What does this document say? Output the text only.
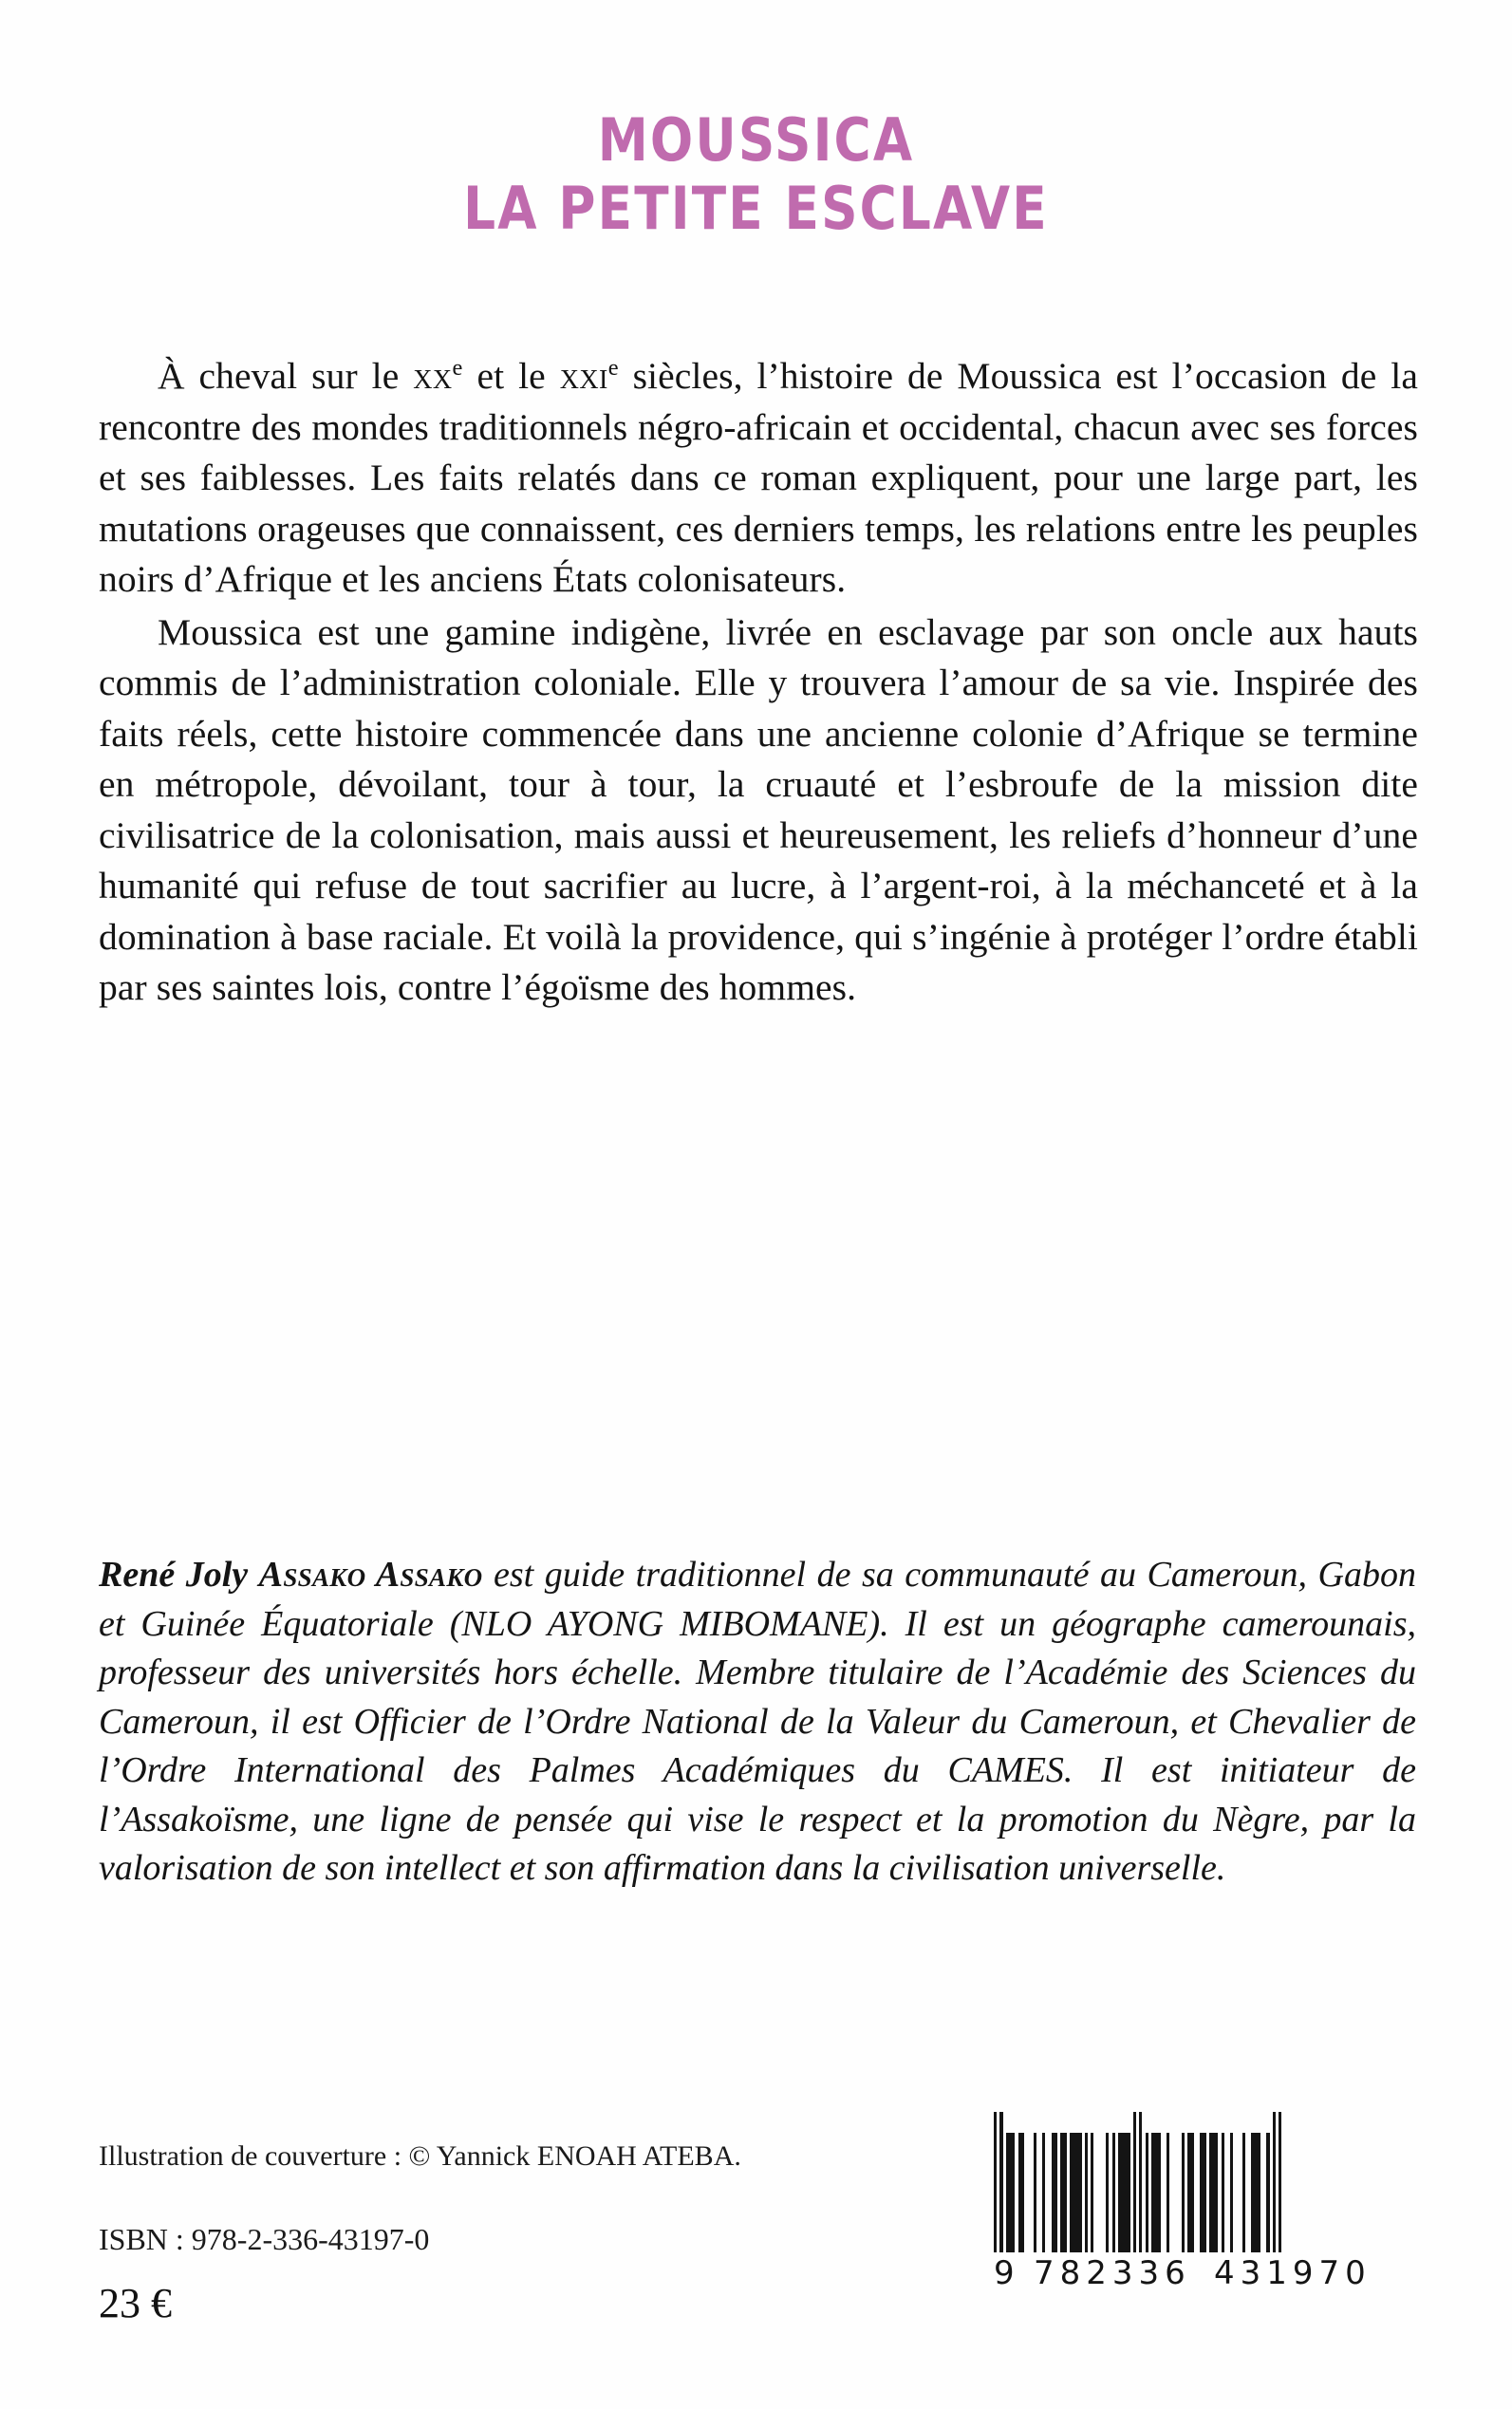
MOUSSICA
LA PETITE ESCLAVE

À cheval sur le $xx^e$ et le xxi$^e$ siècles, l’histoire de Moussica est l’occasion de la rencontre des mondes traditionnels négro-africain et occidental, chacun avec ses forces et ses faiblesses. Les faits relatés dans ce roman expliquent, pour une large part, les mutations orageuses que connaissent, ces derniers temps, les relations entre les peuples noirs d’Afrique et les anciens États colonisateurs.

Moussica est une gamine indigène, livrée en esclavage par son oncle aux hauts commis de l’administration coloniale. Elle y trouvera l’amour de sa vie. Inspirée des faits réels, cette histoire commencée dans une ancienne colonie d’Afrique se termine en métropole, dévoilant, tour à tour, la cruauté et l’esbroufe de la mission dite civilisatrice de la colonisation, mais aussi et heureusement, les reliefs d’honneur d’une humanité qui refuse de tout sacrifier au lucre, à l’argent-roi, à la méchanceté et à la domination à base raciale. Et voilà la providence, qui s’ingénie à protéger l’ordre établi par ses saintes lois, contre l’égoïsme des hommes.

René Joly Assako Assako est guide traditionnel de sa communauté au Cameroun, Gabon et Guinée Équatoriale (NLO AYONG MIBOMANE). Il est un géographe camerounais, professeur des universités hors échelle. Membre titulaire de l’Académie des Sciences du Cameroun, il est Officier de l’Ordre National de la Valeur du Cameroun, et Chevalier de l’Ordre International des Palmes Académiques du CAMES. Il est initiateur de l’Assakoïsme, une ligne de pensée qui vise le respect et la promotion du Nègre, par la valorisation de son intellect et son affirmation dans la civilisation universelle.

Illustration de couverture : © Yannick ENOAH ATEBA.
ISBN : 978-2-336-43197-0
23 €
9 782336 431970
